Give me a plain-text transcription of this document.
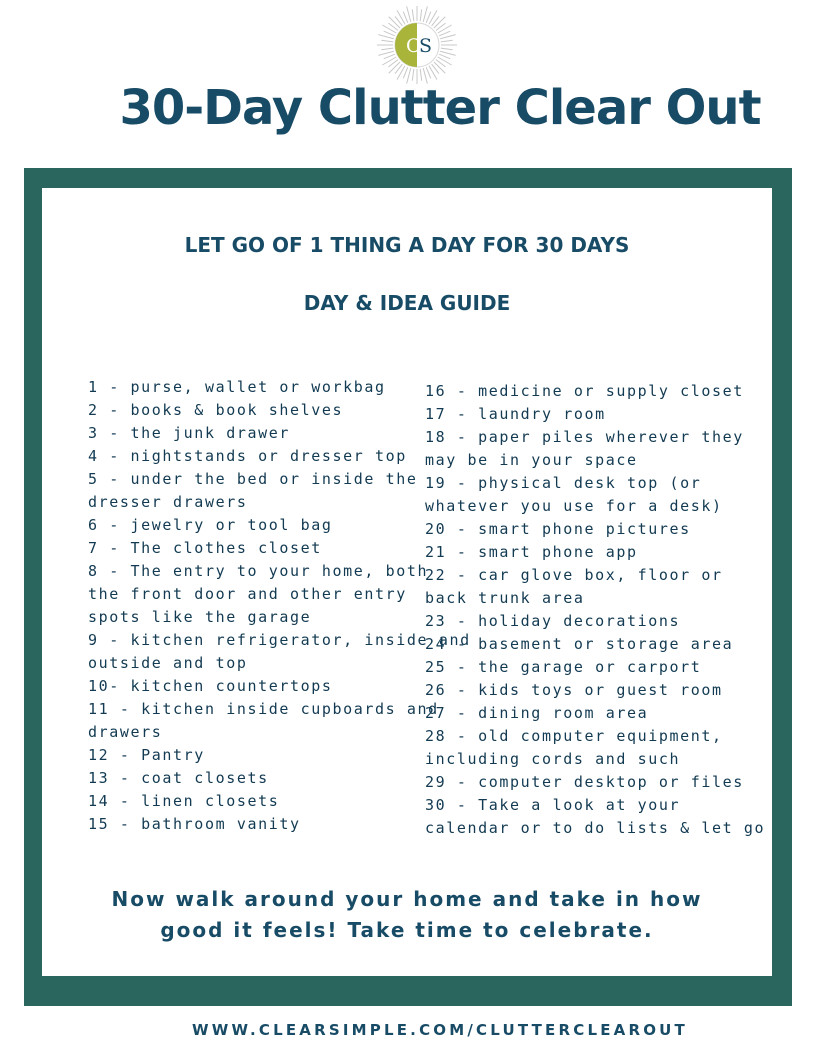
C
S
30-Day Clutter Clear Out
LET GO OF 1 THING A DAY FOR 30 DAYS
DAY & IDEA GUIDE
1 - purse, wallet or workbag
2 - books & book shelves
3 - the junk drawer
4 - nightstands or dresser top
5 - under the bed or inside the
dresser drawers
6 - jewelry or tool bag
7 - The clothes closet
8 - The entry to your home, both
the front door and other entry
spots like the garage
9 - kitchen refrigerator, inside and
outside and top
10- kitchen countertops
11 - kitchen inside cupboards and
drawers
12 - Pantry
13 - coat closets
14 - linen closets
15 - bathroom vanity
16 - medicine or supply closet
17 - laundry room
18 - paper piles wherever they
may be in your space
19 - physical desk top (or
whatever you use for a desk)
20 - smart phone pictures
21 - smart phone app
22 - car glove box, floor or
back trunk area
23 - holiday decorations
24 - basement or storage area
25 - the garage or carport
26 - kids toys or guest room
27 - dining room area
28 - old computer equipment,
including cords and such
29 - computer desktop or files
30 - Take a look at your
calendar or to do lists & let go
Now walk around your home and take in how
good it feels! Take time to celebrate.

WWW.CLEARSIMPLE.COM/CLUTTERCLEAROUT
